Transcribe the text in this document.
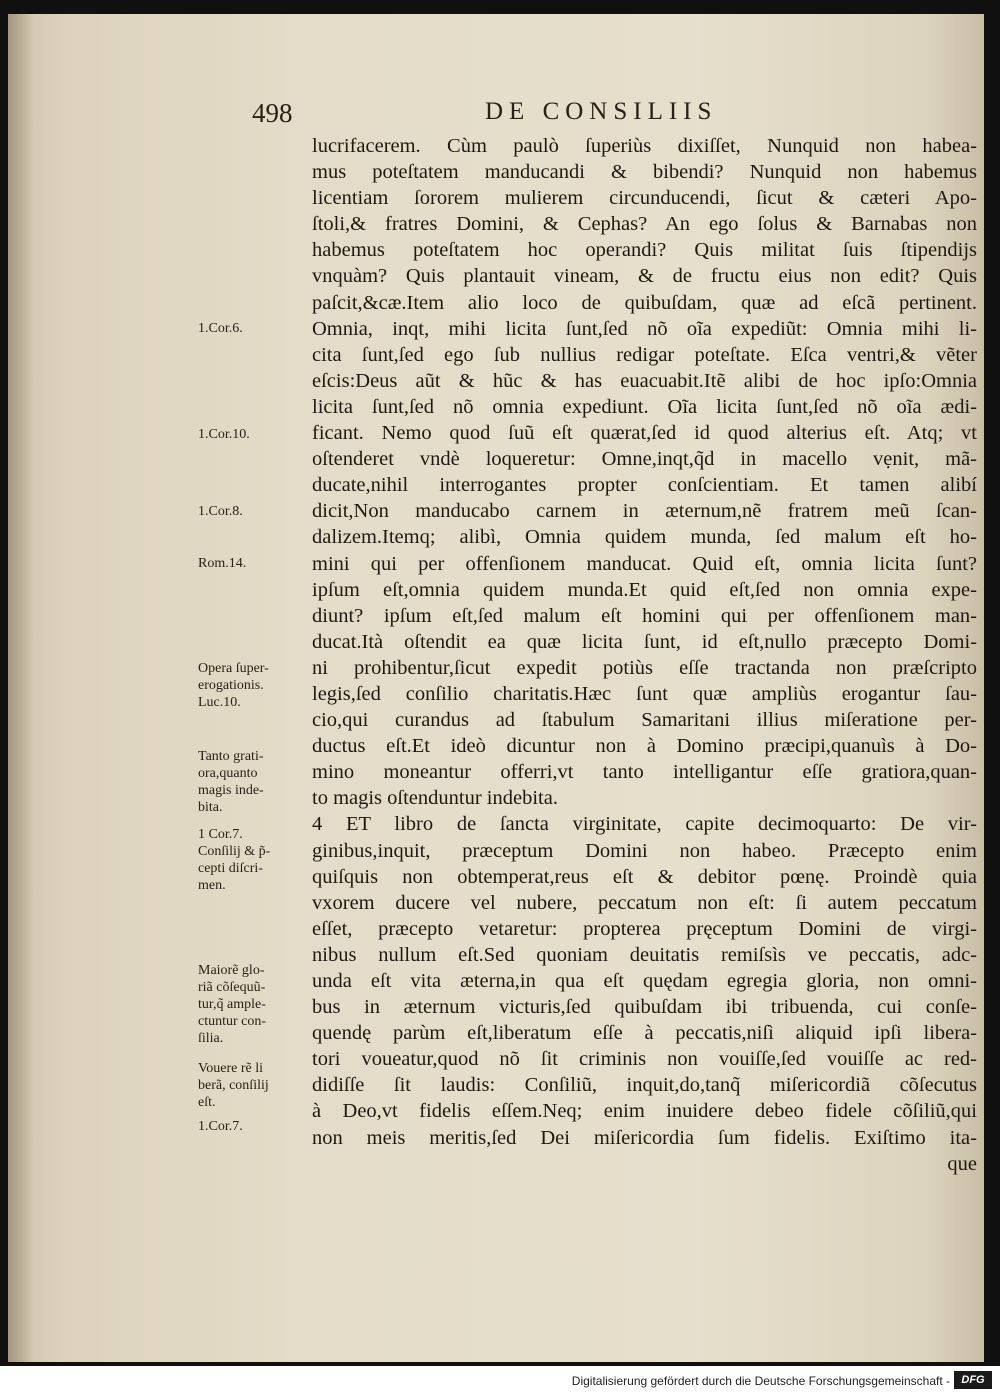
498	DE CONSILIIS
lucrifacerem. Cùm paulò ſuperiùs dixiſſet, Nunquid non habea-
mus poteſtatem manducandi & bibendi? Nunquid non habemus
licentiam ſororem mulierem circunducendi, ſicut & cæteri Apo-
ſtoli,& fratres Domini, & Cephas? An ego ſolus & Barnabas non
habemus poteſtatem hoc operandi? Quis militat ſuis ſtipendijs
vnquàm? Quis plantauit vineam, & de fructu eius non edit? Quis
paſcit,&cæ.Item alio loco de quibuſdam, quæ ad eſcã pertinent.
Omnia, inqt, mihi licita ſunt,ſed nõ oĩa expediũt: Omnia mihi li-
cita ſunt,ſed ego ſub nullius redigar poteſtate. Eſca ventri,& vẽter
eſcis:Deus aũt & hũc & has euacuabit.Itẽ alibi de hoc ipſo:Omnia
licita ſunt,ſed nõ omnia expediunt. Oĩa licita ſunt,ſed nõ oĩa ædi-
ficant. Nemo quod ſuũ eſt quærat,ſed id quod alterius eſt. Atq; vt
oſtenderet vndè loqueretur: Omne,inqt,q̃d in macello vẹnit, mã-
ducate,nihil interrogantes propter conſcientiam. Et tamen alibí
dicit,Non manducabo carnem in æternum,nẽ fratrem meũ ſcan-
dalizem.Itemq; alibì, Omnia quidem munda, ſed malum eſt ho-
mini qui per offenſionem manducat. Quid eſt, omnia licita ſunt?
ipſum eſt,omnia quidem munda.Et quid eſt,ſed non omnia expe-
diunt? ipſum eſt,ſed malum eſt homini qui per offenſionem man-
ducat.Ità oſtendit ea quæ licita ſunt, id eſt,nullo præcepto Domi-
ni prohibentur,ſicut expedit potiùs eſſe tractanda non præſcripto
legis,ſed conſilio charitatis.Hæc ſunt quæ ampliùs erogantur ſau-
cio,qui curandus ad ſtabulum Samaritani illius miſeratione per-
ductus eſt.Et ideò dicuntur non à Domino præcipi,quanuìs à Do-
mino moneantur offerri,vt tanto intelligantur eſſe gratiora,quan-
to magis oſtenduntur indebita.
4 ET libro de ſancta virginitate, capite decimoquarto: De vir-
ginibus,inquit, præceptum Domini non habeo. Præcepto enim
quiſquis non obtemperat,reus eſt & debitor pœnę. Proindè quia
vxorem ducere vel nubere, peccatum non eſt: ſi autem peccatum
eſſet, præcepto vetaretur: propterea pręceptum Domini de virgi-
nibus nullum eſt.Sed quoniam deuitatis remiſsìs ve peccatis, adc-
unda eſt vita æterna,in qua eſt quędam egregia gloria, non omni-
bus in æternum victuris,ſed quibuſdam ibi tribuenda, cui conſe-
quendę parùm eſt,liberatum eſſe à peccatis,niſì aliquid ipſi libera-
tori voueatur,quod nõ ſit criminis non vouiſſe,ſed vouiſſe ac red-
didiſſe ſit laudis: Conſiliũ, inquit,do,tanq̃ miſericordiã cõſecutus
à Deo,vt fidelis eſſem.Neq; enim inuidere debeo fidele cõſiliũ,qui
non meis meritis,ſed Dei miſericordia ſum fidelis. Exiſtimo ita-
que
1.Cor.6.
1.Cor.10.
1.Cor.8.
Rom.14.
Opera ſuper-
erogationis.
Luc.10.
Tanto grati-
ora,quanto
magis inde-
bita.
1 Cor.7.
Conſilij & p̃-
cepti diſcri-
men.
Maiorẽ glo-
riã cõſequũ-
tur,q̃ ample-
ctuntur con-
ſilia.
Vouere rẽ li
berã, conſilij
eſt.
1.Cor.7.
Digitalisierung gefördert durch die Deutsche Forschungsgemeinschaft -	DFG
